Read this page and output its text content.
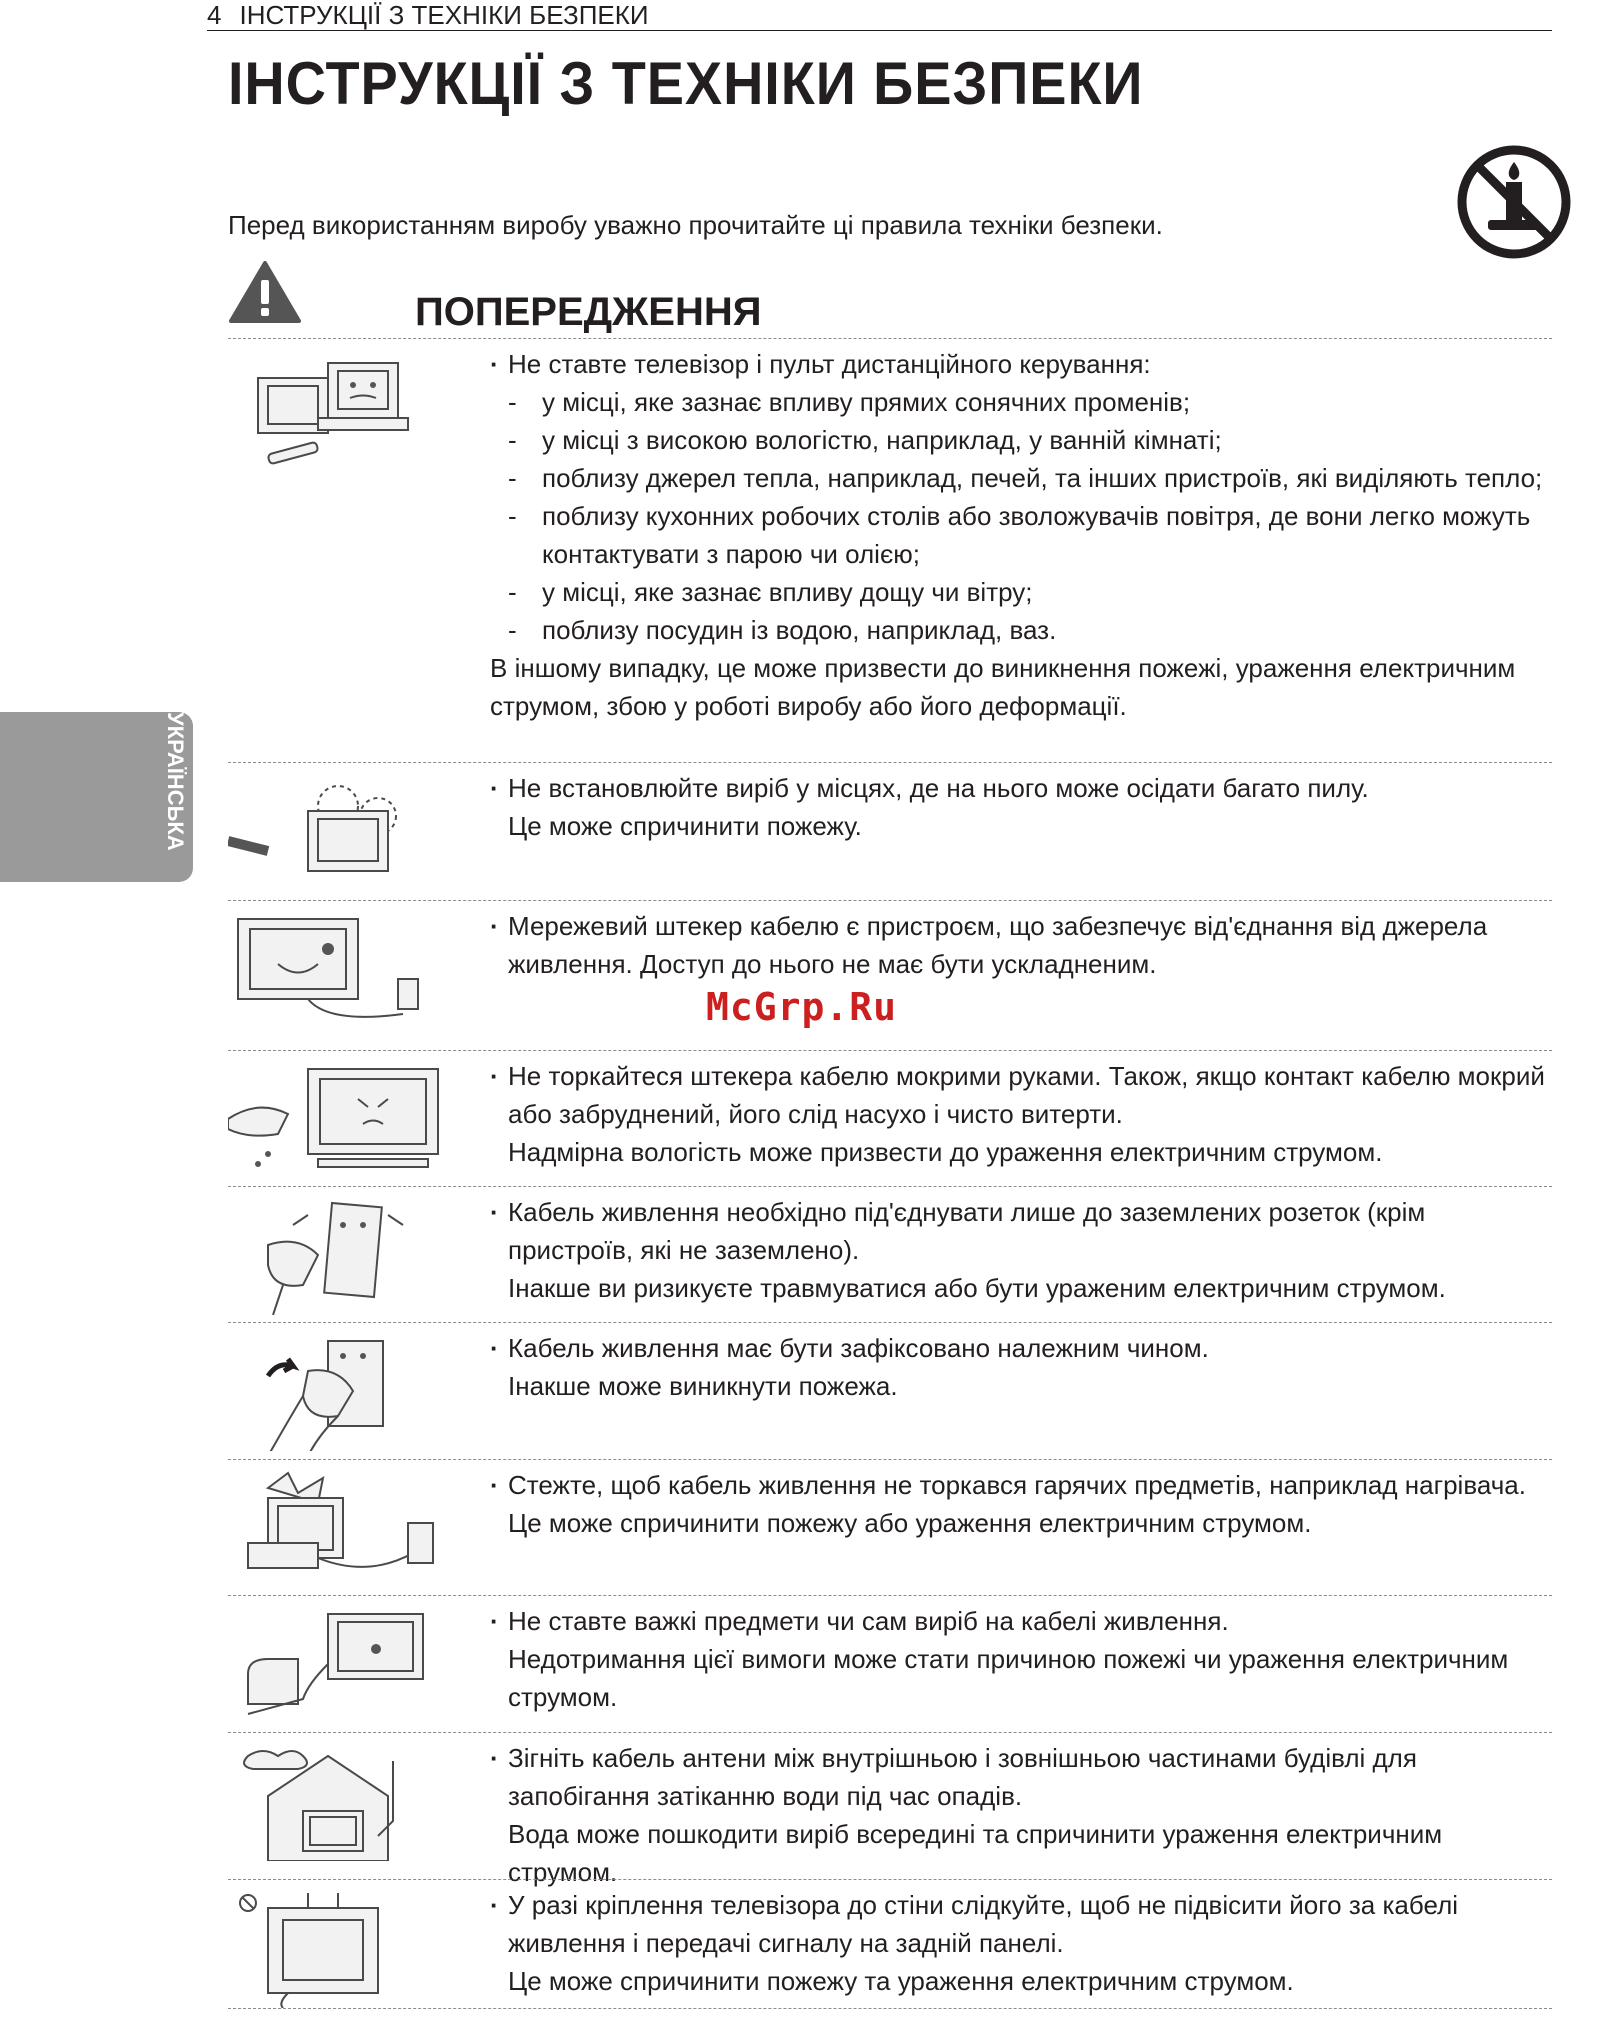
4 ІНСТРУКЦІЇ З ТЕХНІКИ БЕЗПЕКИ
ІНСТРУКЦІЇ З ТЕХНІКИ БЕЗПЕКИ
Перед використанням виробу уважно прочитайте ці правила техніки безпеки.
ПОПЕРЕДЖЕННЯ
УКРАЇНСЬКА

· Не ставте телевізор і пульт дистанційного керування:

- у місці, яке зазнає впливу прямих сонячних променів;
- у місці з високою вологістю, наприклад, у ванній кімнаті;
- поблизу джерел тепла, наприклад, печей, та інших пристроїв, які виділяють тепло;
- поблизу кухонних робочих столів або зволожувачів повітря, де вони легко можуть контактувати з парою чи олією;
- у місці, яке зазнає впливу дощу чи вітру;
- поблизу посудин із водою, наприклад, ваз.

В іншому випадку, це може призвести до виникнення пожежі, ураження електричним струмом, збою у роботі виробу або його деформації.

· Не встановлюйте виріб у місцях, де на нього може осідати багато пилу.

Це може спричинити пожежу.

· Мережевий штекер кабелю є пристроєм, що забезпечує від'єднання від джерела живлення. Доступ до нього не має бути ускладненим.

· Не торкайтеся штекера кабелю мокрими руками. Також, якщо контакт кабелю мокрий або забруднений, його слід насухо і чисто витерти.

Надмірна вологість може призвести до ураження електричним струмом.

· Кабель живлення необхідно під'єднувати лише до заземлених розеток (крім пристроїв, які не заземлено).

Інакше ви ризикуєте травмуватися або бути ураженим електричним струмом.

· Кабель живлення має бути зафіксовано належним чином.

Інакше може виникнути пожежа.

· Стежте, щоб кабель живлення не торкався гарячих предметів, наприклад нагрівача.

Це може спричинити пожежу або ураження електричним струмом.

· Не ставте важкі предмети чи сам виріб на кабелі живлення.

Недотримання цієї вимоги може стати причиною пожежі чи ураження електричним струмом.

· Зігніть кабель антени між внутрішньою і зовнішньою частинами будівлі для запобігання затіканню води під час опадів.

Вода може пошкодити виріб всередині та спричинити ураження електричним струмом.

· У разі кріплення телевізора до стіни слідкуйте, щоб не підвісити його за кабелі живлення і передачі сигналу на задній панелі.

Це може спричинити пожежу та ураження електричним струмом.

McGrp.Ru
